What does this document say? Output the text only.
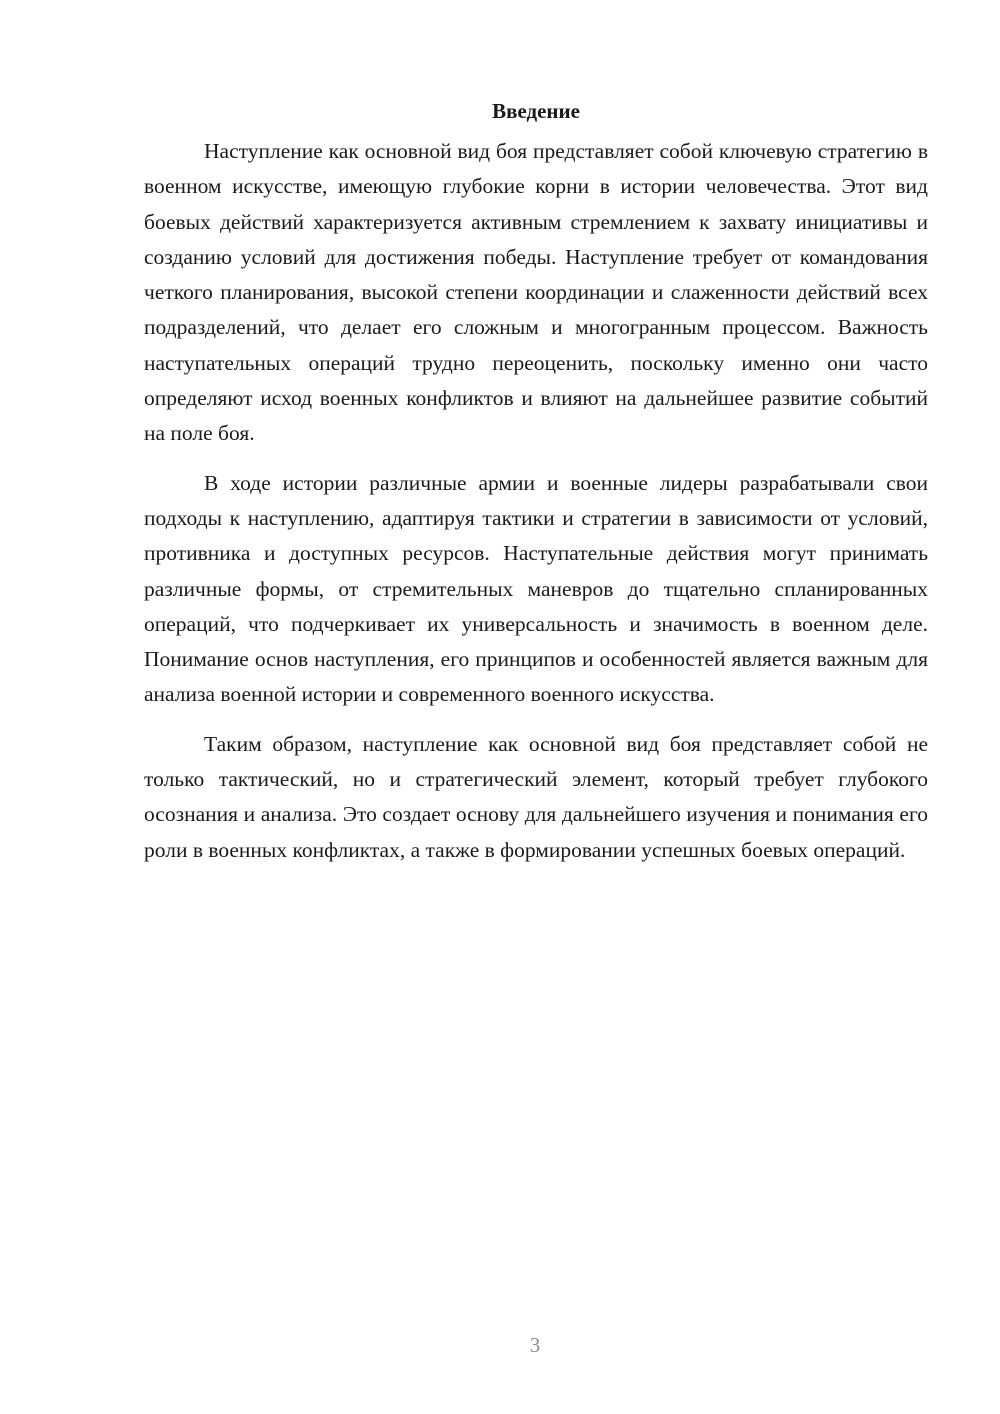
Введение

Наступление как основной вид боя представляет собой ключевую стратегию в военном искусстве, имеющую глубокие корни в истории человечества. Этот вид боевых действий характеризуется активным стремлением к захвату инициативы и созданию условий для достижения победы. Наступление требует от командования четкого планирования, высокой степени координации и слаженности действий всех подразделений, что делает его сложным и многогранным процессом. Важность наступательных операций трудно переоценить, поскольку именно они часто определяют исход военных конфликтов и влияют на дальнейшее развитие событий на поле боя.

В ходе истории различные армии и военные лидеры разрабатывали свои подходы к наступлению, адаптируя тактики и стратегии в зависимости от условий, противника и доступных ресурсов. Наступательные действия могут принимать различные формы, от стремительных маневров до тщательно спланированных операций, что подчеркивает их универсальность и значимость в военном деле. Понимание основ наступления, его принципов и особенностей является важным для анализа военной истории и современного военного искусства.

Таким образом, наступление как основной вид боя представляет собой не только тактический, но и стратегический элемент, который требует глубокого осознания и анализа. Это создает основу для дальнейшего изучения и понимания его роли в военных конфликтах, а также в формировании успешных боевых операций.

3
